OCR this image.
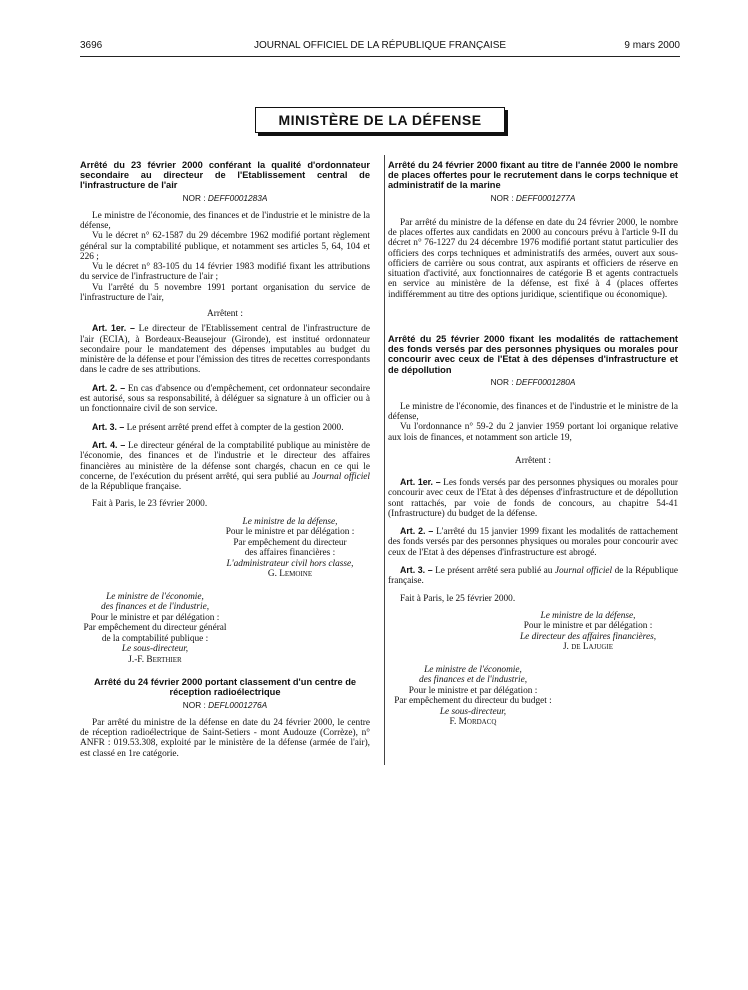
3696	JOURNAL OFFICIEL DE LA RÉPUBLIQUE FRANÇAISE	9 mars 2000
MINISTÈRE DE LA DÉFENSE

Arrêté du 23 février 2000 conférant la qualité d'ordonnateur secondaire au directeur de l'Etablissement central de l'infrastructure de l'air

NOR : DEFF0001283A

Le ministre de l'économie, des finances et de l'industrie et le ministre de la défense,

Vu le décret n° 62-1587 du 29 décembre 1962 modifié portant règlement général sur la comptabilité publique, et notamment ses articles 5, 64, 104 et 226 ;

Vu le décret n° 83-105 du 14 février 1983 modifié fixant les attributions du service de l'infrastructure de l'air ;

Vu l'arrêté du 5 novembre 1991 portant organisation du service de l'infrastructure de l'air,

Arrêtent :

Art. 1er. – Le directeur de l'Etablissement central de l'infrastructure de l'air (ECIA), à Bordeaux-Beausejour (Gironde), est institué ordonnateur secondaire pour le mandatement des dépenses imputables au budget du ministère de la défense et pour l'émission des titres de recettes correspondants dans le cadre de ses attributions.

Art. 2. – En cas d'absence ou d'empêchement, cet ordonnateur secondaire est autorisé, sous sa responsabilité, à déléguer sa signature à un officier ou à un fonctionnaire civil de son service.

Art. 3. – Le présent arrêté prend effet à compter de la gestion 2000.

Art. 4. – Le directeur général de la comptabilité publique au ministère de l'économie, des finances et de l'industrie et le directeur des affaires financières au ministère de la défense sont chargés, chacun en ce qui le concerne, de l'exécution du présent arrêté, qui sera publié au Journal officiel de la République française.

Fait à Paris, le 23 février 2000.

Le ministre de la défense,

Pour le ministre et par délégation :

Par empêchement du directeur

des affaires financières :

L'administrateur civil hors classe,

G. Lemoine

Le ministre de l'économie,

des finances et de l'industrie,

Pour le ministre et par délégation :

Par empêchement du directeur général

de la comptabilité publique :

Le sous-directeur,

J.-F. Berthier

Arrêté du 24 février 2000 portant classement d'un centre de réception radioélectrique

NOR : DEFL0001276A

Par arrêté du ministre de la défense en date du 24 février 2000, le centre de réception radioélectrique de Saint-Setiers - mont Audouze (Corrèze), n° ANFR : 019.53.308, exploité par le ministère de la défense (armée de l'air), est classé en 1re catégorie.

Arrêté du 24 février 2000 fixant au titre de l'année 2000 le nombre de places offertes pour le recrutement dans le corps technique et administratif de la marine

NOR : DEFF0001277A

Par arrêté du ministre de la défense en date du 24 février 2000, le nombre de places offertes aux candidats en 2000 au concours prévu à l'article 9-II du décret n° 76-1227 du 24 décembre 1976 modifié portant statut particulier des officiers des corps techniques et administratifs des armées, ouvert aux sous-officiers de carrière ou sous contrat, aux aspirants et officiers de réserve en situation d'activité, aux fonctionnaires de catégorie B et agents contractuels en service au ministère de la défense, est fixé à 4 (places offertes indifféremment au titre des options juridique, scientifique ou économique).

Arrêté du 25 février 2000 fixant les modalités de rattachement des fonds versés par des personnes physiques ou morales pour concourir avec ceux de l'Etat à des dépenses d'infrastructure et de dépollution

NOR : DEFF0001280A

Le ministre de l'économie, des finances et de l'industrie et le ministre de la défense,

Vu l'ordonnance n° 59-2 du 2 janvier 1959 portant loi organique relative aux lois de finances, et notamment son article 19,

Arrêtent :

Art. 1er. – Les fonds versés par des personnes physiques ou morales pour concourir avec ceux de l'Etat à des dépenses d'infrastructure et de dépollution sont rattachés, par voie de fonds de concours, au chapitre 54-41 (Infrastructure) du budget de la défense.

Art. 2. – L'arrêté du 15 janvier 1999 fixant les modalités de rattachement des fonds versés par des personnes physiques ou morales pour concourir avec ceux de l'Etat à des dépenses d'infrastructure est abrogé.

Art. 3. – Le présent arrêté sera publié au Journal officiel de la République française.

Fait à Paris, le 25 février 2000.

Le ministre de la défense,

Pour le ministre et par délégation :

Le directeur des affaires financières,

J. de Lajugie

Le ministre de l'économie,

des finances et de l'industrie,

Pour le ministre et par délégation :

Par empêchement du directeur du budget :

Le sous-directeur,

F. Mordacq
